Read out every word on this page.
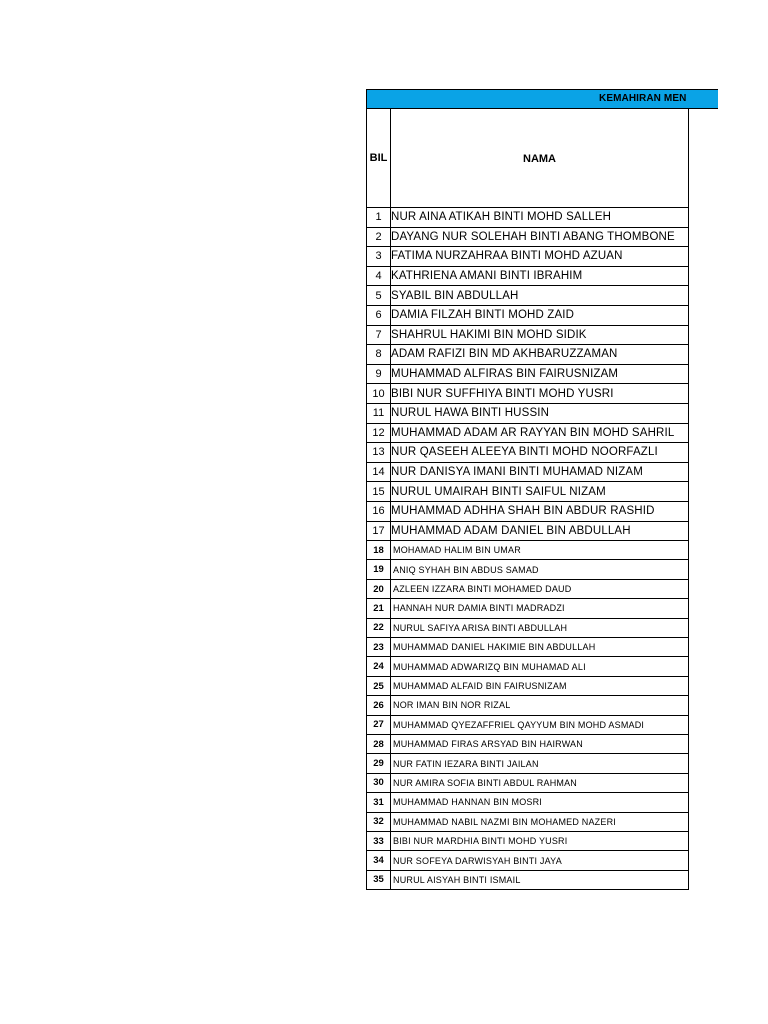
KEMAHIRAN MEN
BIL	NAMA
1	NUR AINA ATIKAH BINTI MOHD SALLEH
2	DAYANG NUR SOLEHAH BINTI ABANG THOMBONE
3	FATIMA NURZAHRAA BINTI MOHD AZUAN
4	KATHRIENA AMANI BINTI IBRAHIM
5	SYABIL BIN ABDULLAH
6	DAMIA FILZAH BINTI MOHD ZAID
7	SHAHRUL HAKIMI BIN MOHD SIDIK
8	ADAM RAFIZI BIN MD AKHBARUZZAMAN
9	MUHAMMAD ALFIRAS BIN FAIRUSNIZAM
10	BIBI NUR SUFFHIYA BINTI MOHD YUSRI
11	NURUL HAWA BINTI HUSSIN
12	MUHAMMAD ADAM AR RAYYAN BIN MOHD SAHRIL
13	NUR QASEEH ALEEYA BINTI MOHD NOORFAZLI
14	NUR DANISYA IMANI BINTI MUHAMAD NIZAM
15	NURUL UMAIRAH BINTI SAIFUL NIZAM
16	MUHAMMAD ADHHA SHAH BIN ABDUR RASHID
17	MUHAMMAD ADAM DANIEL BIN ABDULLAH
18	MOHAMAD HALIM BIN UMAR
19	ANIQ SYHAH BIN ABDUS SAMAD
20	AZLEEN IZZARA BINTI MOHAMED DAUD
21	HANNAH NUR DAMIA BINTI MADRADZI
22	NURUL SAFIYA ARISA BINTI ABDULLAH
23	MUHAMMAD DANIEL HAKIMIE BIN ABDULLAH
24	MUHAMMAD ADWARIZQ BIN MUHAMAD ALI
25	MUHAMMAD ALFAID BIN FAIRUSNIZAM
26	NOR IMAN BIN NOR RIZAL
27	MUHAMMAD QYEZAFFRIEL QAYYUM BIN MOHD ASMADI
28	MUHAMMAD FIRAS ARSYAD BIN HAIRWAN
29	NUR FATIN IEZARA BINTI JAILAN
30	NUR AMIRA SOFIA BINTI ABDUL RAHMAN
31	MUHAMMAD HANNAN BIN MOSRI
32	MUHAMMAD NABIL NAZMI BIN MOHAMED NAZERI
33	BIBI NUR MARDHIA BINTI MOHD YUSRI
34	NUR SOFEYA DARWISYAH BINTI JAYA
35	NURUL AISYAH BINTI ISMAIL
